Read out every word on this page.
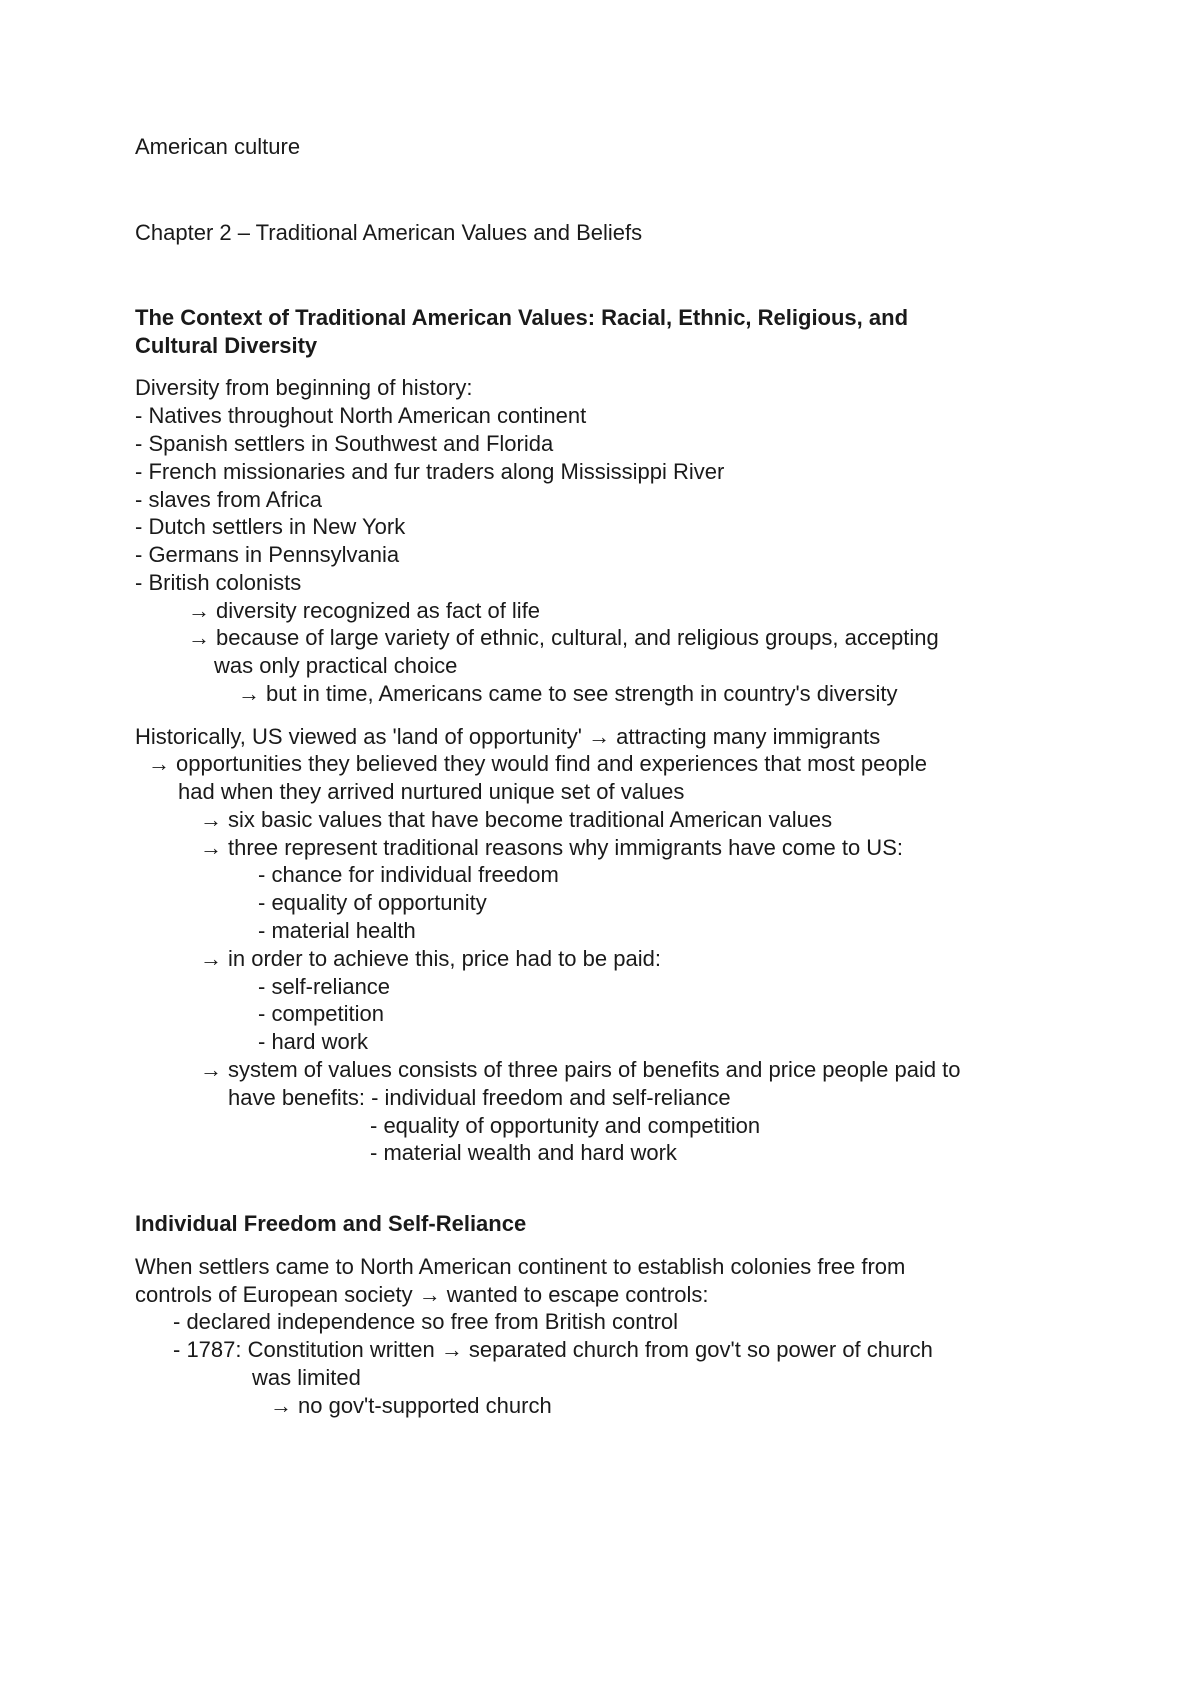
American culture

Chapter 2 – Traditional American Values and Beliefs

The Context of Traditional American Values: Racial, Ethnic, Religious, and

Cultural Diversity

Diversity from beginning of history:

- Natives throughout North American continent

- Spanish settlers in Southwest and Florida

- French missionaries and fur traders along Mississippi River

- slaves from Africa

- Dutch settlers in New York

- Germans in Pennsylvania

- British colonists

→ diversity recognized as fact of life

→ because of large variety of ethnic, cultural, and religious groups, accepting

was only practical choice

→ but in time, Americans came to see strength in country's diversity

Historically, US viewed as 'land of opportunity' → attracting many immigrants

→ opportunities they believed they would find and experiences that most people

had when they arrived nurtured unique set of values

→ six basic values that have become traditional American values

→ three represent traditional reasons why immigrants have come to US:

- chance for individual freedom

- equality of opportunity

- material health

→ in order to achieve this, price had to be paid:

- self-reliance

- competition

- hard work

→ system of values consists of three pairs of benefits and price people paid to

have benefits: - individual freedom and self-reliance

- equality of opportunity and competition

- material wealth and hard work

Individual Freedom and Self-Reliance

When settlers came to North American continent to establish colonies free from

controls of European society → wanted to escape controls:

- declared independence so free from British control

- 1787: Constitution written → separated church from gov't so power of church

was limited

→ no gov't-supported church
